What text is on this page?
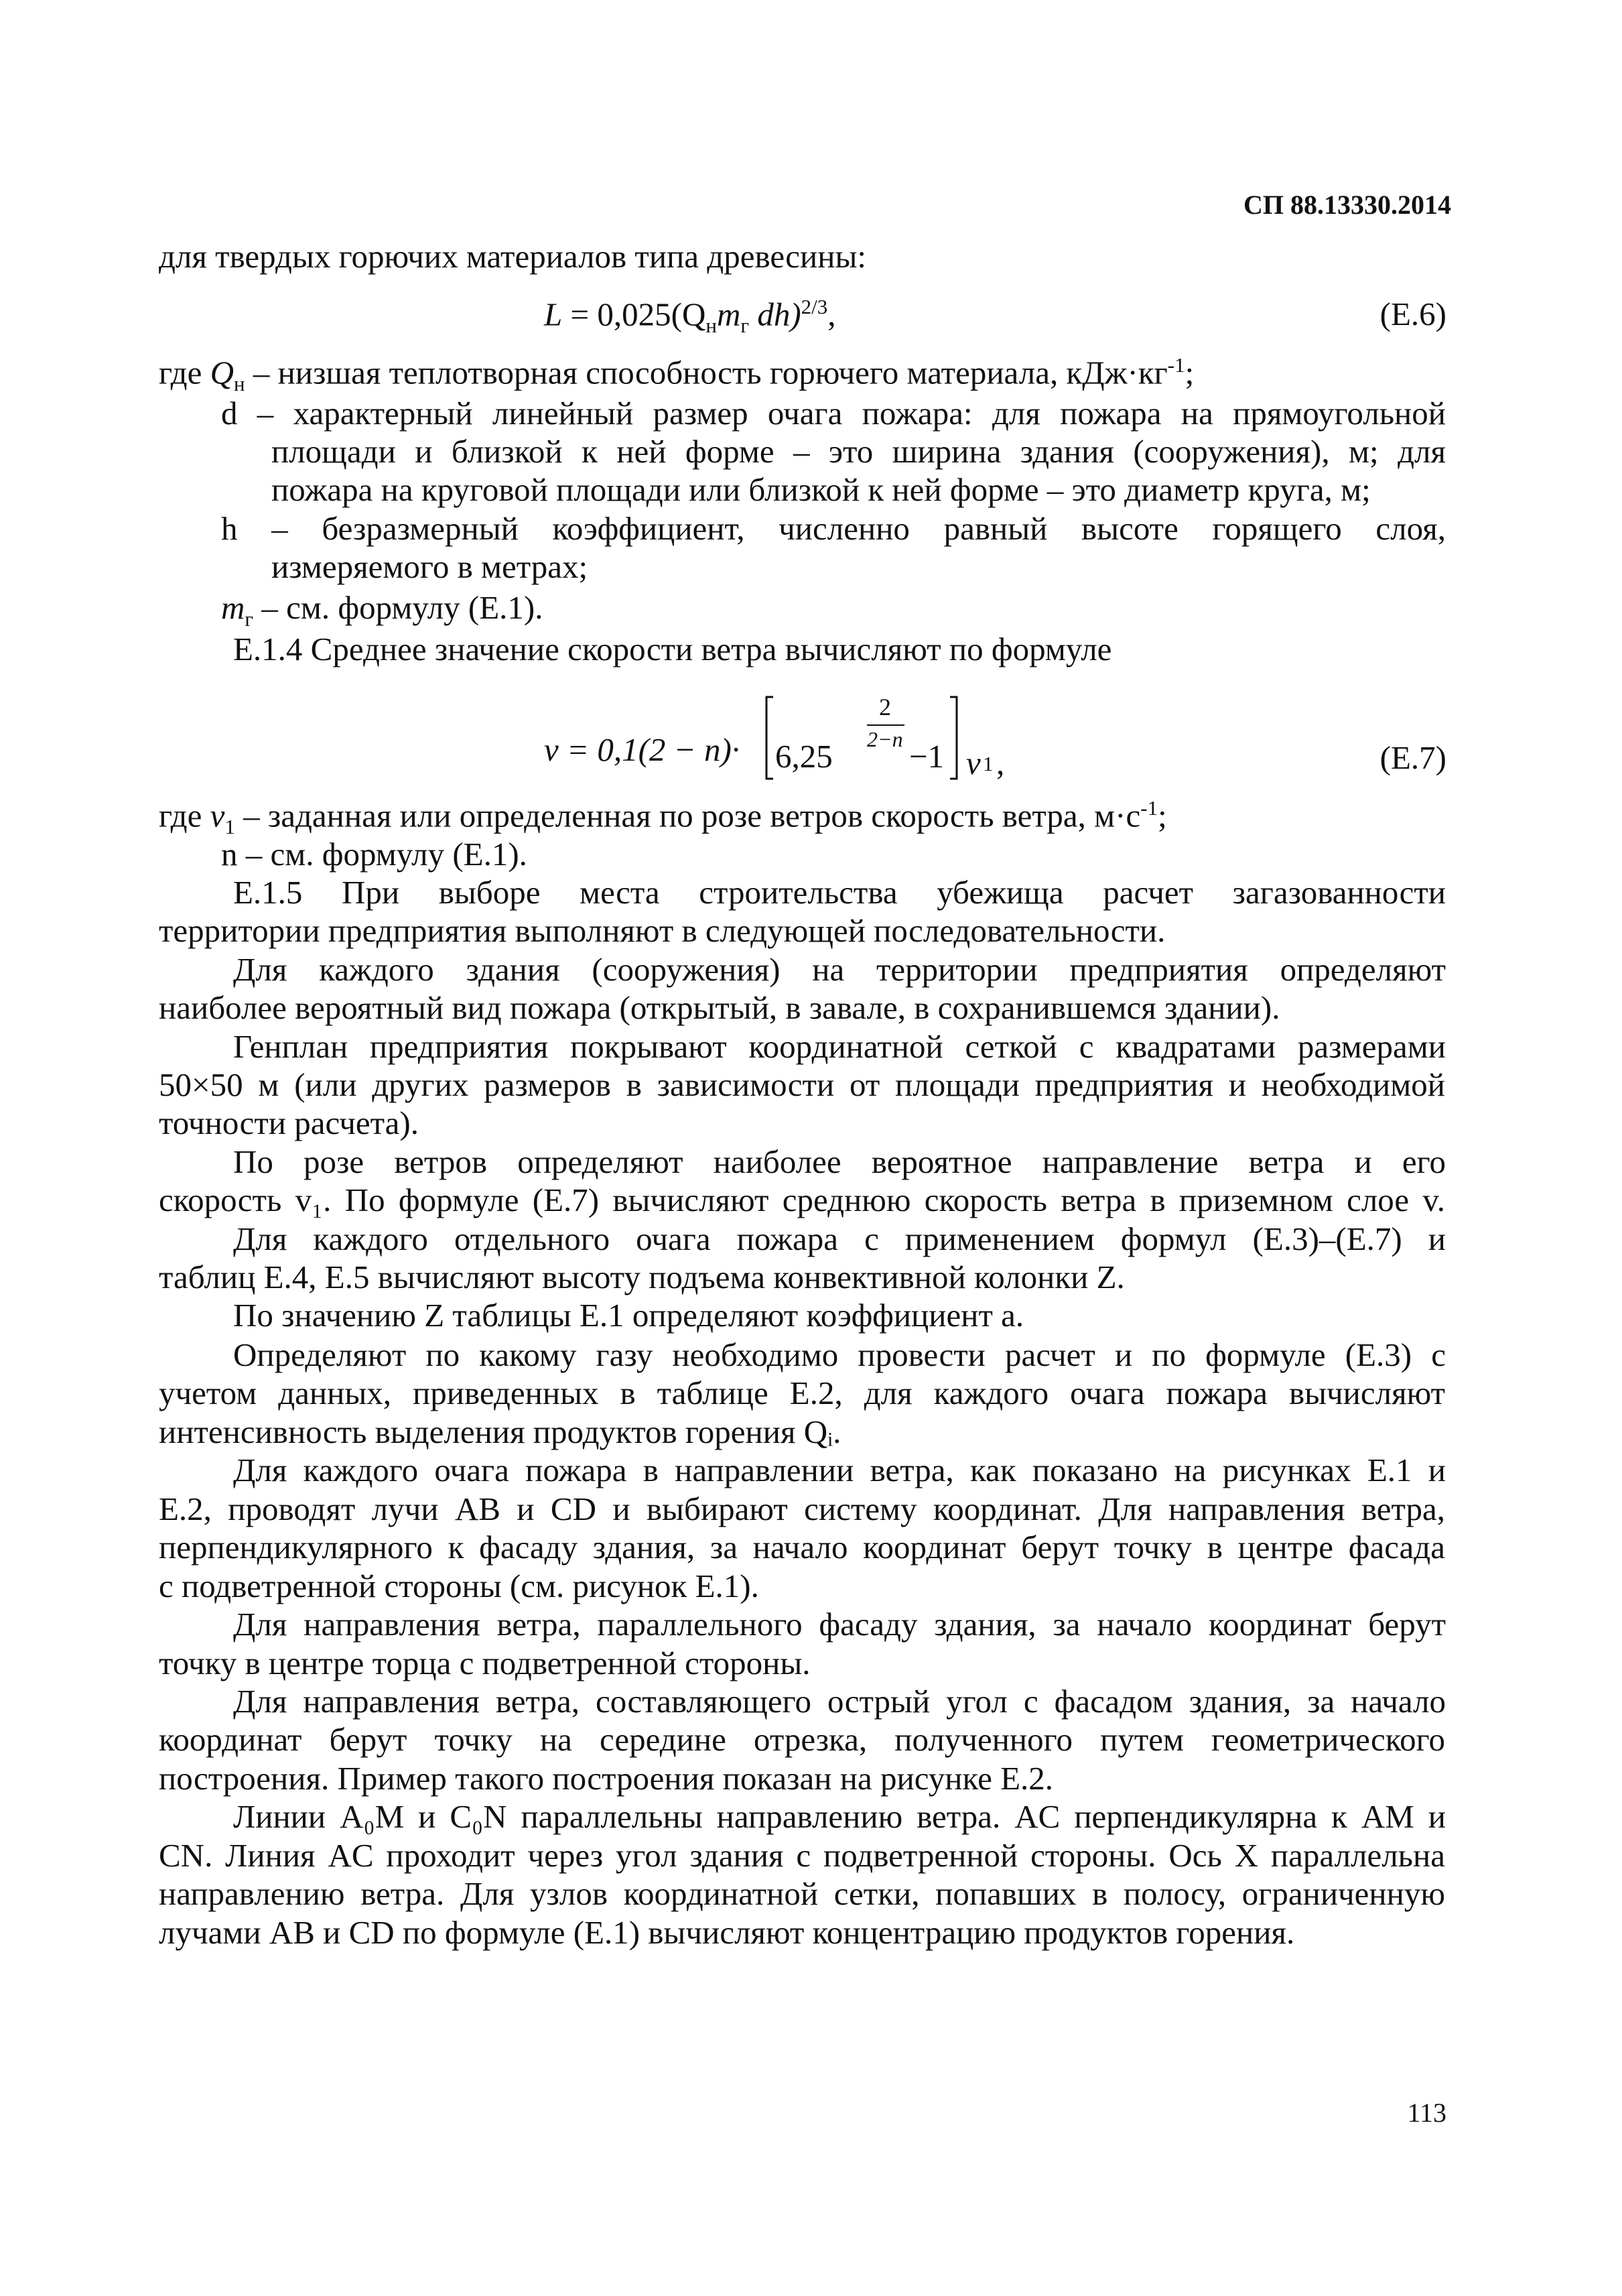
СП 88.13330.2014
для твердых горючих материалов типа древесины:
$L = 0,025(Q_нm_г$ dh)$^{2/3}$,	(Е.6)
где $Q_н$ – низшая теплотворная способность горючего материала, $кДж\cdot кг^{-1}$;
d – характерный линейный размер очага пожара: для пожара на прямоугольной
площади и близкой к ней форме – это ширина здания (сооружения), м; для
пожара на круговой площади или близкой к ней форме – это диаметр круга, м;
h – безразмерный коэффициент, численно равный высоте горящего слоя,
измеряемого в метрах;
$m_г$ – см. формулу (Е.1).
Е.1.4 Среднее значение скорости ветра вычисляют по формуле
v = 0,1(2 − n)·
2
2−n
6,25 −1 v 1 ,	(Е.7)
где $v_1$ – заданная или определенная по розе ветров скорость ветра, $м\cdot с^{-1}$;
n – см. формулу (Е.1).
Е.1.5 При выборе места строительства убежища расчет загазованности
территории предприятия выполняют в следующей последовательности.
Для каждого здания (сооружения) на территории предприятия определяют
наиболее вероятный вид пожара (открытый, в завале, в сохранившемся здании).
Генплан предприятия покрывают координатной сеткой с квадратами размерами
50×50 м (или других размеров в зависимости от площади предприятия и необходимой
точности расчета).
По розе ветров определяют наиболее вероятное направление ветра и его
скорость v₁. По формуле (Е.7) вычисляют среднюю скорость ветра в приземном слое v.
Для каждого отдельного очага пожара с применением формул (Е.3)–(Е.7) и
таблиц Е.4, Е.5 вычисляют высоту подъема конвективной колонки Z.
По значению Z таблицы Е.1 определяют коэффициент a.
Определяют по какому газу необходимо провести расчет и по формуле (Е.3) с
учетом данных, приведенных в таблице Е.2, для каждого очага пожара вычисляют
интенсивность выделения продуктов горения Qᵢ.
Для каждого очага пожара в направлении ветра, как показано на рисунках Е.1 и
Е.2, проводят лучи AB и CD и выбирают систему координат. Для направления ветра,
перпендикулярного к фасаду здания, за начало координат берут точку в центре фасада
с подветренной стороны (см. рисунок Е.1).
Для направления ветра, параллельного фасаду здания, за начало координат берут
точку в центре торца с подветренной стороны.
Для направления ветра, составляющего острый угол с фасадом здания, за начало
координат берут точку на середине отрезка, полученного путем геометрического
построения. Пример такого построения показан на рисунке Е.2.
Линии A₀M и C₀N параллельны направлению ветра. AC перпендикулярна к AM и
CN. Линия AC проходит через угол здания с подветренной стороны. Ось X параллельна
направлению ветра. Для узлов координатной сетки, попавших в полосу, ограниченную
лучами AB и CD по формуле (Е.1) вычисляют концентрацию продуктов горения.
113
